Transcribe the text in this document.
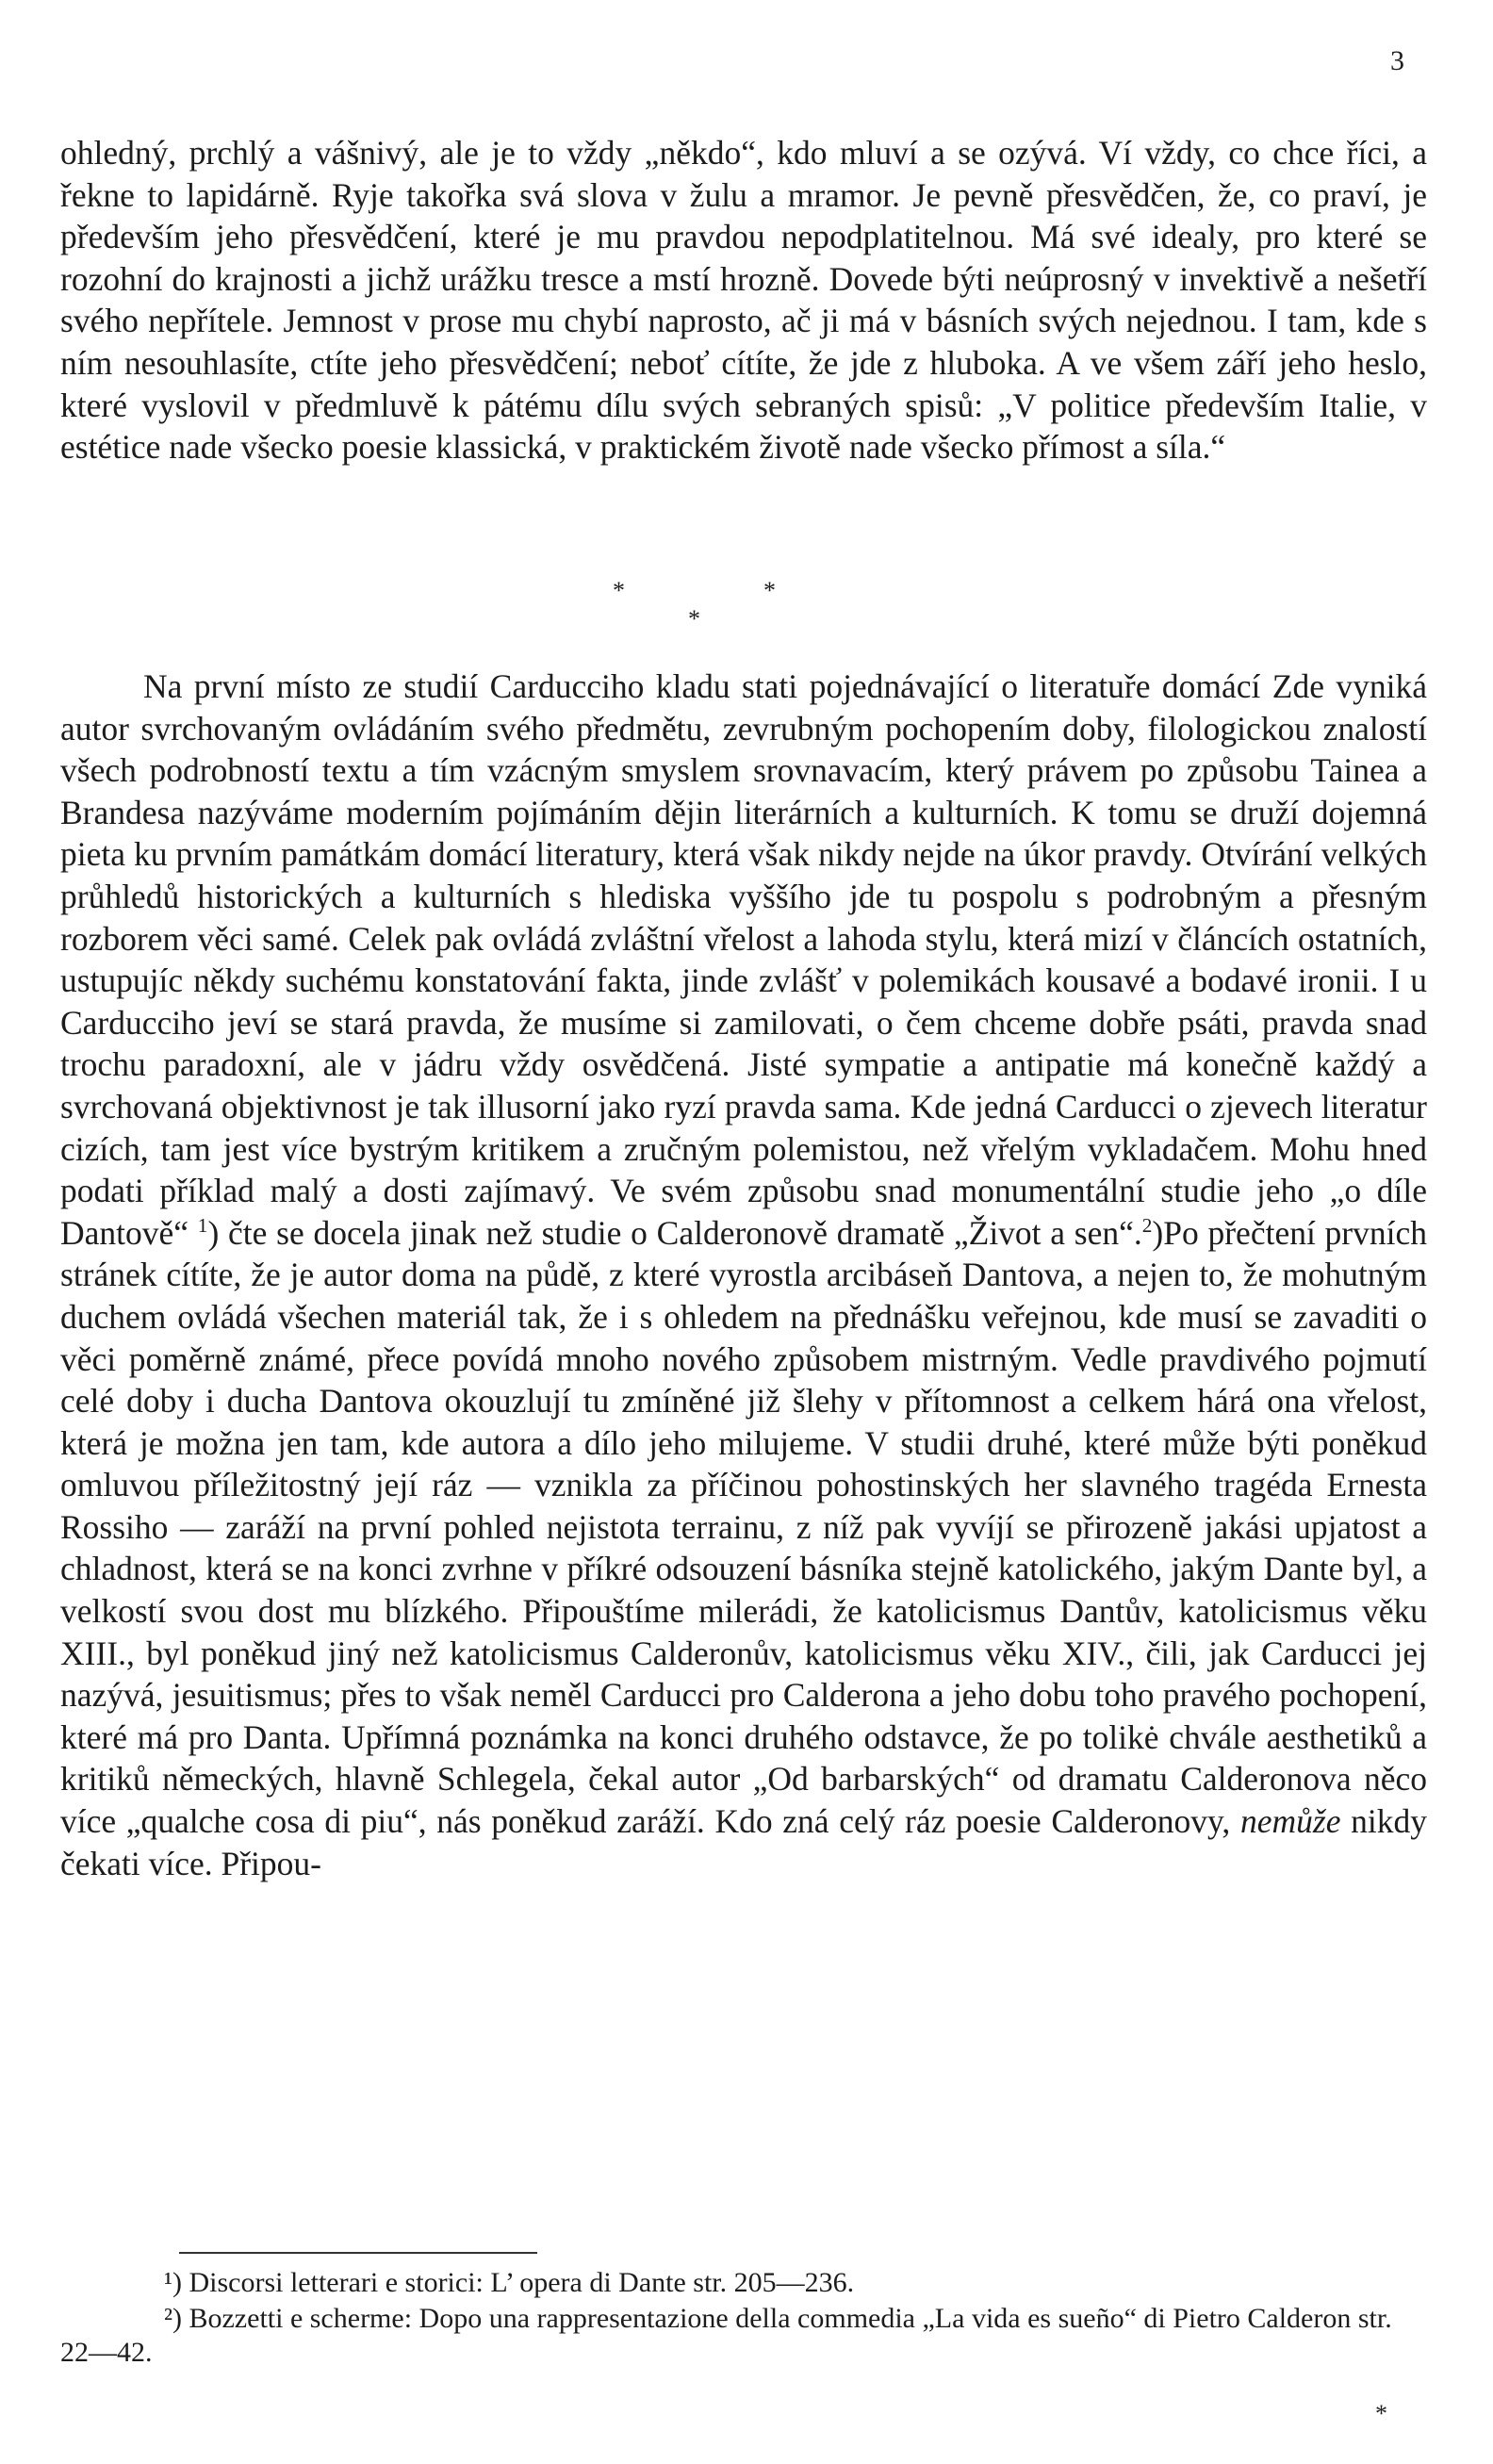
3

ohledný, prchlý a vášnivý, ale je to vždy „někdo“, kdo mluví a se ozývá. Ví vždy, co chce říci, a řekne to lapidárně. Ryje takořka svá slova v žulu a mramor. Je pevně přesvědčen, že, co praví, je především jeho přesvědčení, které je mu pravdou nepodplatitelnou. Má své idealy, pro které se rozohní do krajnosti a jichž urážku tresce a mstí hrozně. Dovede býti neúprosný v invektivě a nešetří svého nepřítele. Jemnost v prose mu chybí naprosto, ač ji má v básních svých nejednou. I tam, kde s ním nesouhlasíte, ctíte jeho přesvědčení; neboť cítíte, že jde z hluboka. A ve všem září jeho heslo, které vyslovil v předmluvě k pátému dílu svých sebraných spisů: „V politice především Italie, v estétice nade všecko poesie klassická, v praktickém životě nade všecko přímost a síla.“

*	*
*

Na první místo ze studií Carducciho kladu stati pojednávající o literatuře domácí Zde vyniká autor svrchovaným ovládáním svého předmětu, zevrubným pochopením doby, filologickou znalostí všech podrobností textu a tím vzácným smyslem srovnavacím, který právem po způsobu Tainea a Brandesa nazýváme moderním pojímáním dějin literárních a kulturních. K tomu se druží dojemná pieta ku prvním památkám domácí literatury, která však nikdy nejde na úkor pravdy. Otvírání velkých průhledů historických a kulturních s hlediska vyššího jde tu pospolu s podrobným a přesným rozborem věci samé. Celek pak ovládá zvláštní vřelost a lahoda stylu, která mizí v článcích ostatních, ustupujíc někdy suchému konstatování fakta, jinde zvlášť v polemikách kousavé a bodavé ironii. I u Carducciho jeví se stará pravda, že musíme si zamilovati, o čem chceme dobře psáti, pravda snad trochu paradoxní, ale v jádru vždy osvědčená. Jisté sympatie a antipatie má konečně každý a svrchovaná objektivnost je tak illusorní jako ryzí pravda sama. Kde jedná Carducci o zjevech literatur cizích, tam jest více bystrým kritikem a zručným polemistou, než vřelým vykladačem. Mohu hned podati příklad malý a dosti zajímavý. Ve svém způsobu snad monumentální studie jeho „o díle Dantově“ $^1$) čte se docela jinak než studie o Calderonově dramatě „Život a sen“.$^2$)Po přečtení prvních stránek cítíte, že je autor doma na půdě, z které vyrostla arcibáseň Dantova, a nejen to, že mohutným duchem ovládá všechen materiál tak, že i s ohledem na přednášku veřejnou, kde musí se zavaditi o věci poměrně známé, přece povídá mnoho nového způsobem mistrným. Vedle pravdivého pojmutí celé doby i ducha Dantova okouzlují tu zmíněné již šlehy v přítomnost a celkem hárá ona vřelost, která je možna jen tam, kde autora a dílo jeho milujeme. V studii druhé, které může býti poněkud omluvou příležitostný její ráz — vznikla za příčinou pohostinských her slavného tragéda Ernesta Rossiho — zaráží na první pohled nejistota terrainu, z níž pak vyvíjí se přirozeně jakási upjatost a chladnost, která se na konci zvrhne v příkré odsouzení básníka stejně katolického, jakým Dante byl, a velkostí svou dost mu blízkého. Připouštíme milerádi, že katolicismus Dantův, katolicismus věku XIII., byl poněkud jiný než katolicismus Calderonův, katolicismus věku XIV., čili, jak Carducci jej nazývá, jesuitismus; přes to však neměl Carducci pro Calderona a jeho dobu toho pravého pochopení, které má pro Danta. Upřímná poznámka na konci druhého odstavce, že po tolikė chvále aesthetiků a kritiků německých, hlavně Schlegela, čekal autor „Od barbarských“ od dramatu Calderonova něco více „qualche cosa di piu“, nás poněkud zaráží. Kdo zná celý ráz poesie Calderonovy, nemůže nikdy čekati více. Připou-

¹) Discorsi letterari e storici: L’ opera di Dante str. 205—236.

²) Bozzetti e scherme: Dopo una rappresentazione della commedia „La vida es sueño“ di Pietro Calderon str. 22—42.

*
